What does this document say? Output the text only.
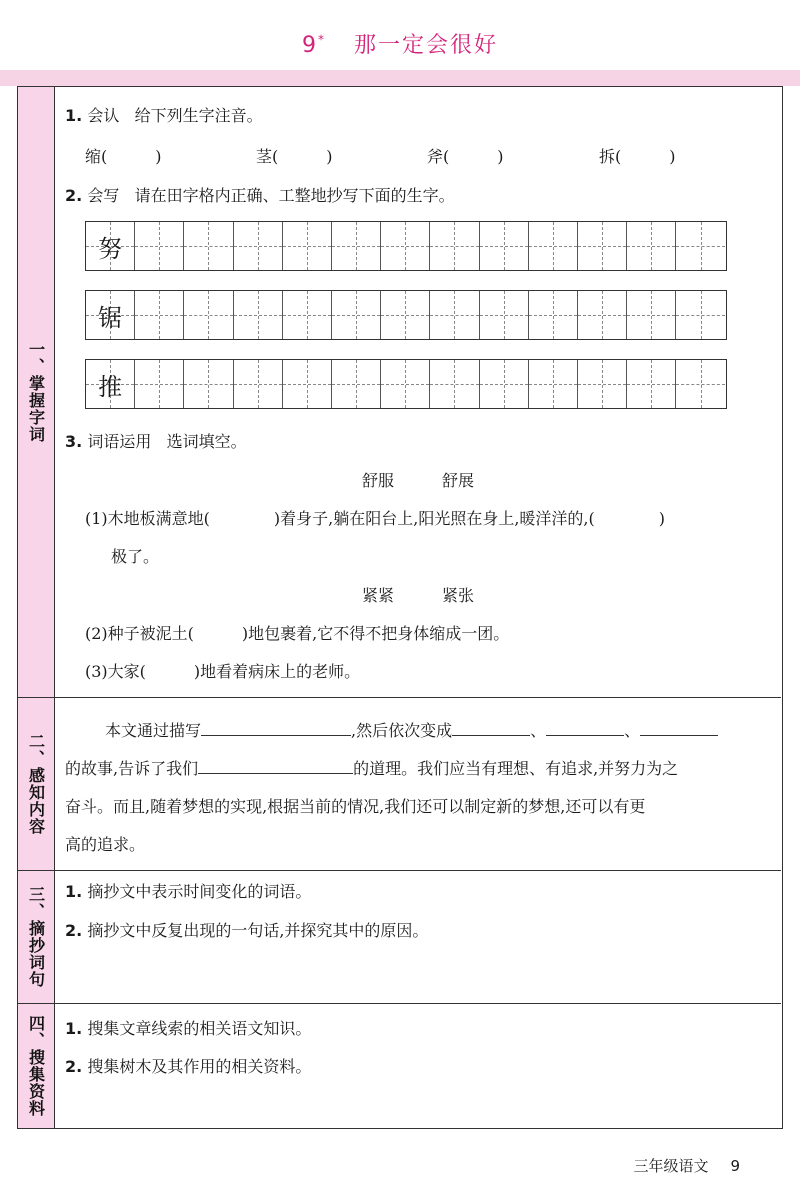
9* 那一定会很好
一、掌握字词
1. 会认 给下列生字注音。
缩(　　　)	茎(　　　)	斧(　　　)	拆(　　　)
2. 会写 请在田字格内正确、工整地抄写下面的生字。
努
锯
推
3. 词语运用 选词填空。
舒服　　　舒展
(1)木地板满意地(　　　　)着身子,躺在阳台上,阳光照在身上,暖洋洋的,(　　　　)
极了。
紧紧　　　紧张
(2)种子被泥土(　　　)地包裹着,它不得不把身体缩成一团。
(3)大家(　　　)地看着病床上的老师。
二、感知内容
本文通过描写	,然后依次变成	、	、
的故事,告诉了我们	的道理。我们应当有理想、有追求,并努力为之
奋斗。而且,随着梦想的实现,根据当前的情况,我们还可以制定新的梦想,还可以有更
高的追求。
三、摘抄词句 1. 摘抄文中表示时间变化的词语。
2. 摘抄文中反复出现的一句话,并探究其中的原因。
四、搜集资料 1. 搜集文章线索的相关语文知识。
2. 搜集树木及其作用的相关资料。
三年级语文 9
